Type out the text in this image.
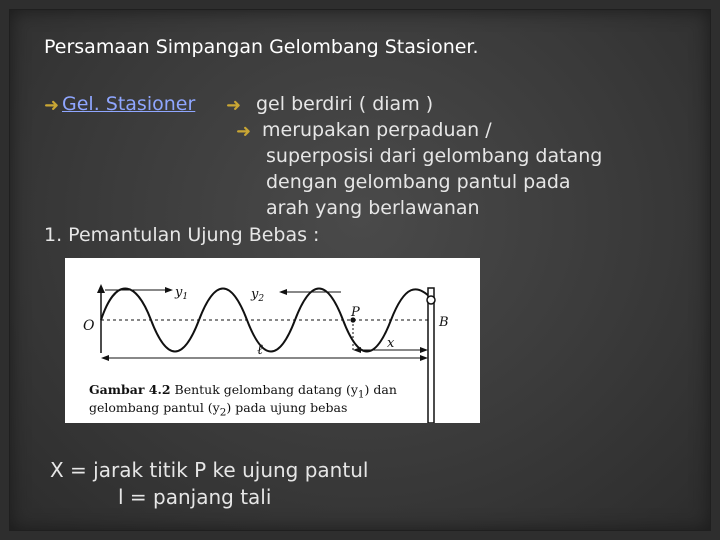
Persamaan Simpangan Gelombang Stasioner.
➜ Gel. Stasioner ➜ gel berdiri ( diam )
➜ merupakan perpaduan /
superposisi dari gelombang datang
dengan gelombang pantul pada
arah yang berlawanan
1. Pemantulan Ujung Bebas :
$y_1$	$y_2$
O
P
B
ℓ	x
Gambar 4.2 Bentuk gelombang datang $(y_1)$ dan
gelombang pantul $(y_2)$ pada ujung bebas
X = jarak titik P ke ujung pantul
l = panjang tali
